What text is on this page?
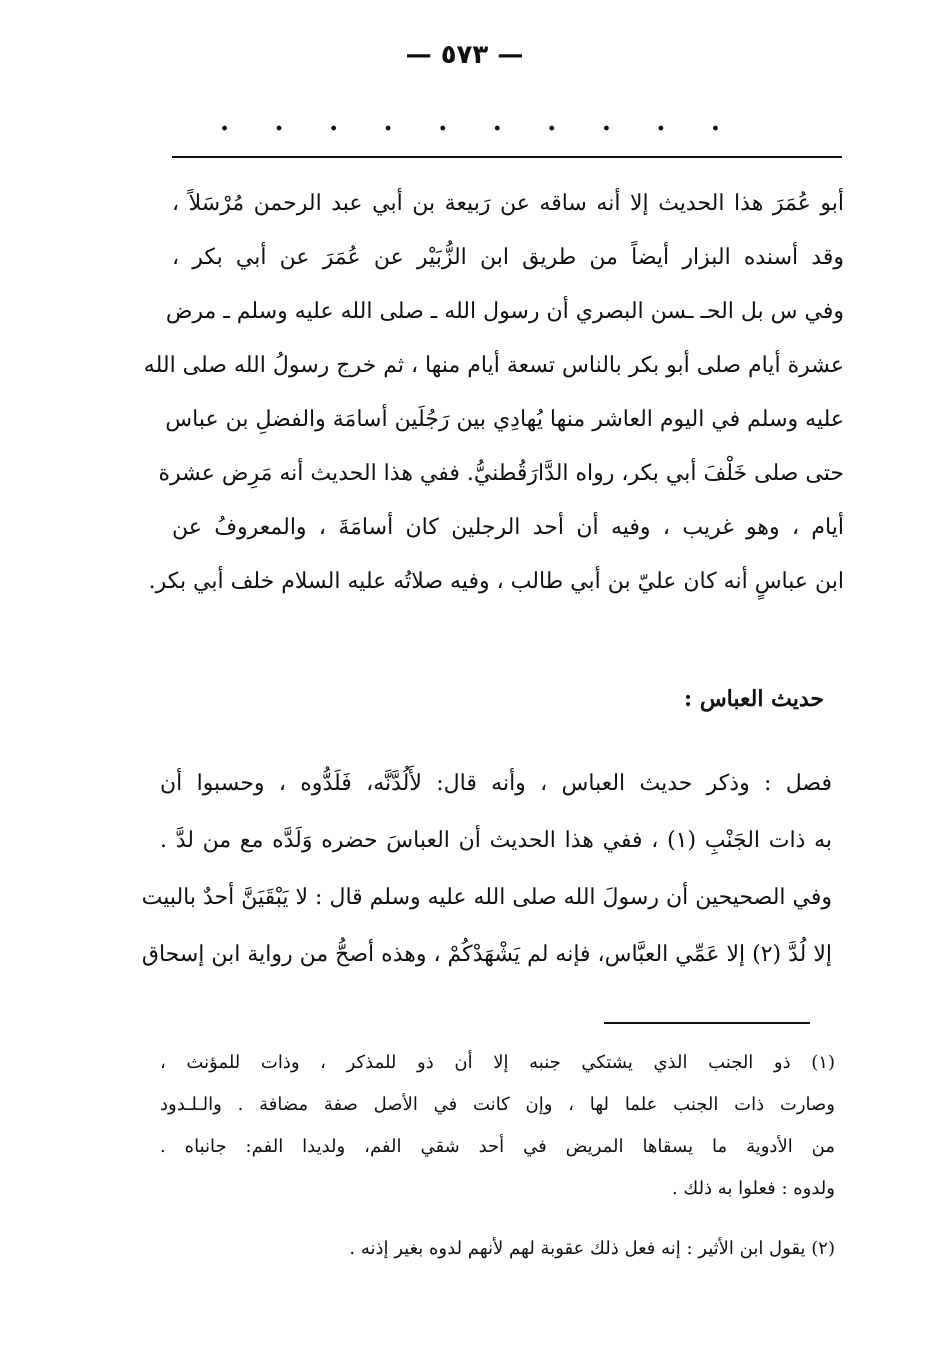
— ٥٧٣ —
. . . . . . . . . .
أبو عُمَرَ هذا الحديث إلا أنه ساقه عن رَبيعة بن أبي عبد الرحمن مُرْسَلاً ،
وقد أسنده البزار أيضاً من طريق ابن الزُّبَيْر عن عُمَرَ عن أبي بكر ،
وفي س بل الحـ ـسن البصري أن رسول الله ـ صلى الله عليه وسلم ـ مرض
عشرة أيام صلى أبو بكر بالناس تسعة أيام منها ، ثم خرج رسولُ الله صلى الله
عليه وسلم في اليوم العاشر منها يُهادِي بين رَجُلَين أسامَة والفضلِ بن عباس
حتى صلى خَلْفَ أبي بكر، رواه الدَّارَقُطنيُّ. ففي هذا الحديث أنه مَرِض عشرة
أيام ، وهو غريب ، وفيه أن أحد الرجلين كان أسامَةَ ، والمعروفُ عن
ابن عباسٍ أنه كان عليّ بن أبي طالب ، وفيه صلاتُه عليه السلام خلف أبي بكر.
حديث العباس :
فصل : وذكر حديث العباس ، وأنه قال: لأَلُدَّنَّه، فَلَدُّوه ، وحسبوا أن
به ذات الجَنْبِ (١) ، ففي هذا الحديث أن العباسَ حضره وَلَدَّه مع من لدَّ .
وفي الصحيحين أن رسولَ الله صلى الله عليه وسلم قال : لا يَبْقَيَنَّ أحدٌ بالبيت
إلا لُدَّ (٢) إلا عَمِّي العبَّاس، فإنه لم يَشْهَدْكُمْ ، وهذه أصحُّ من رواية ابن إسحاق
(١) ذو الجنب الذي يشتكي جنبه إلا أن ذو للمذكر ، وذات للمؤنث ،
وصارت ذات الجنب علما لها ، وإن كانت في الأصل صفة مضافة . والـلـدود
من الأدوية ما يسقاها المريض في أحد شقي الفم، ولديدا الفم: جانباه .
ولدوه : فعلوا به ذلك .
(٢) يقول ابن الأثير : إنه فعل ذلك عقوبة لهم لأنهم لدوه بغير إذنه .
